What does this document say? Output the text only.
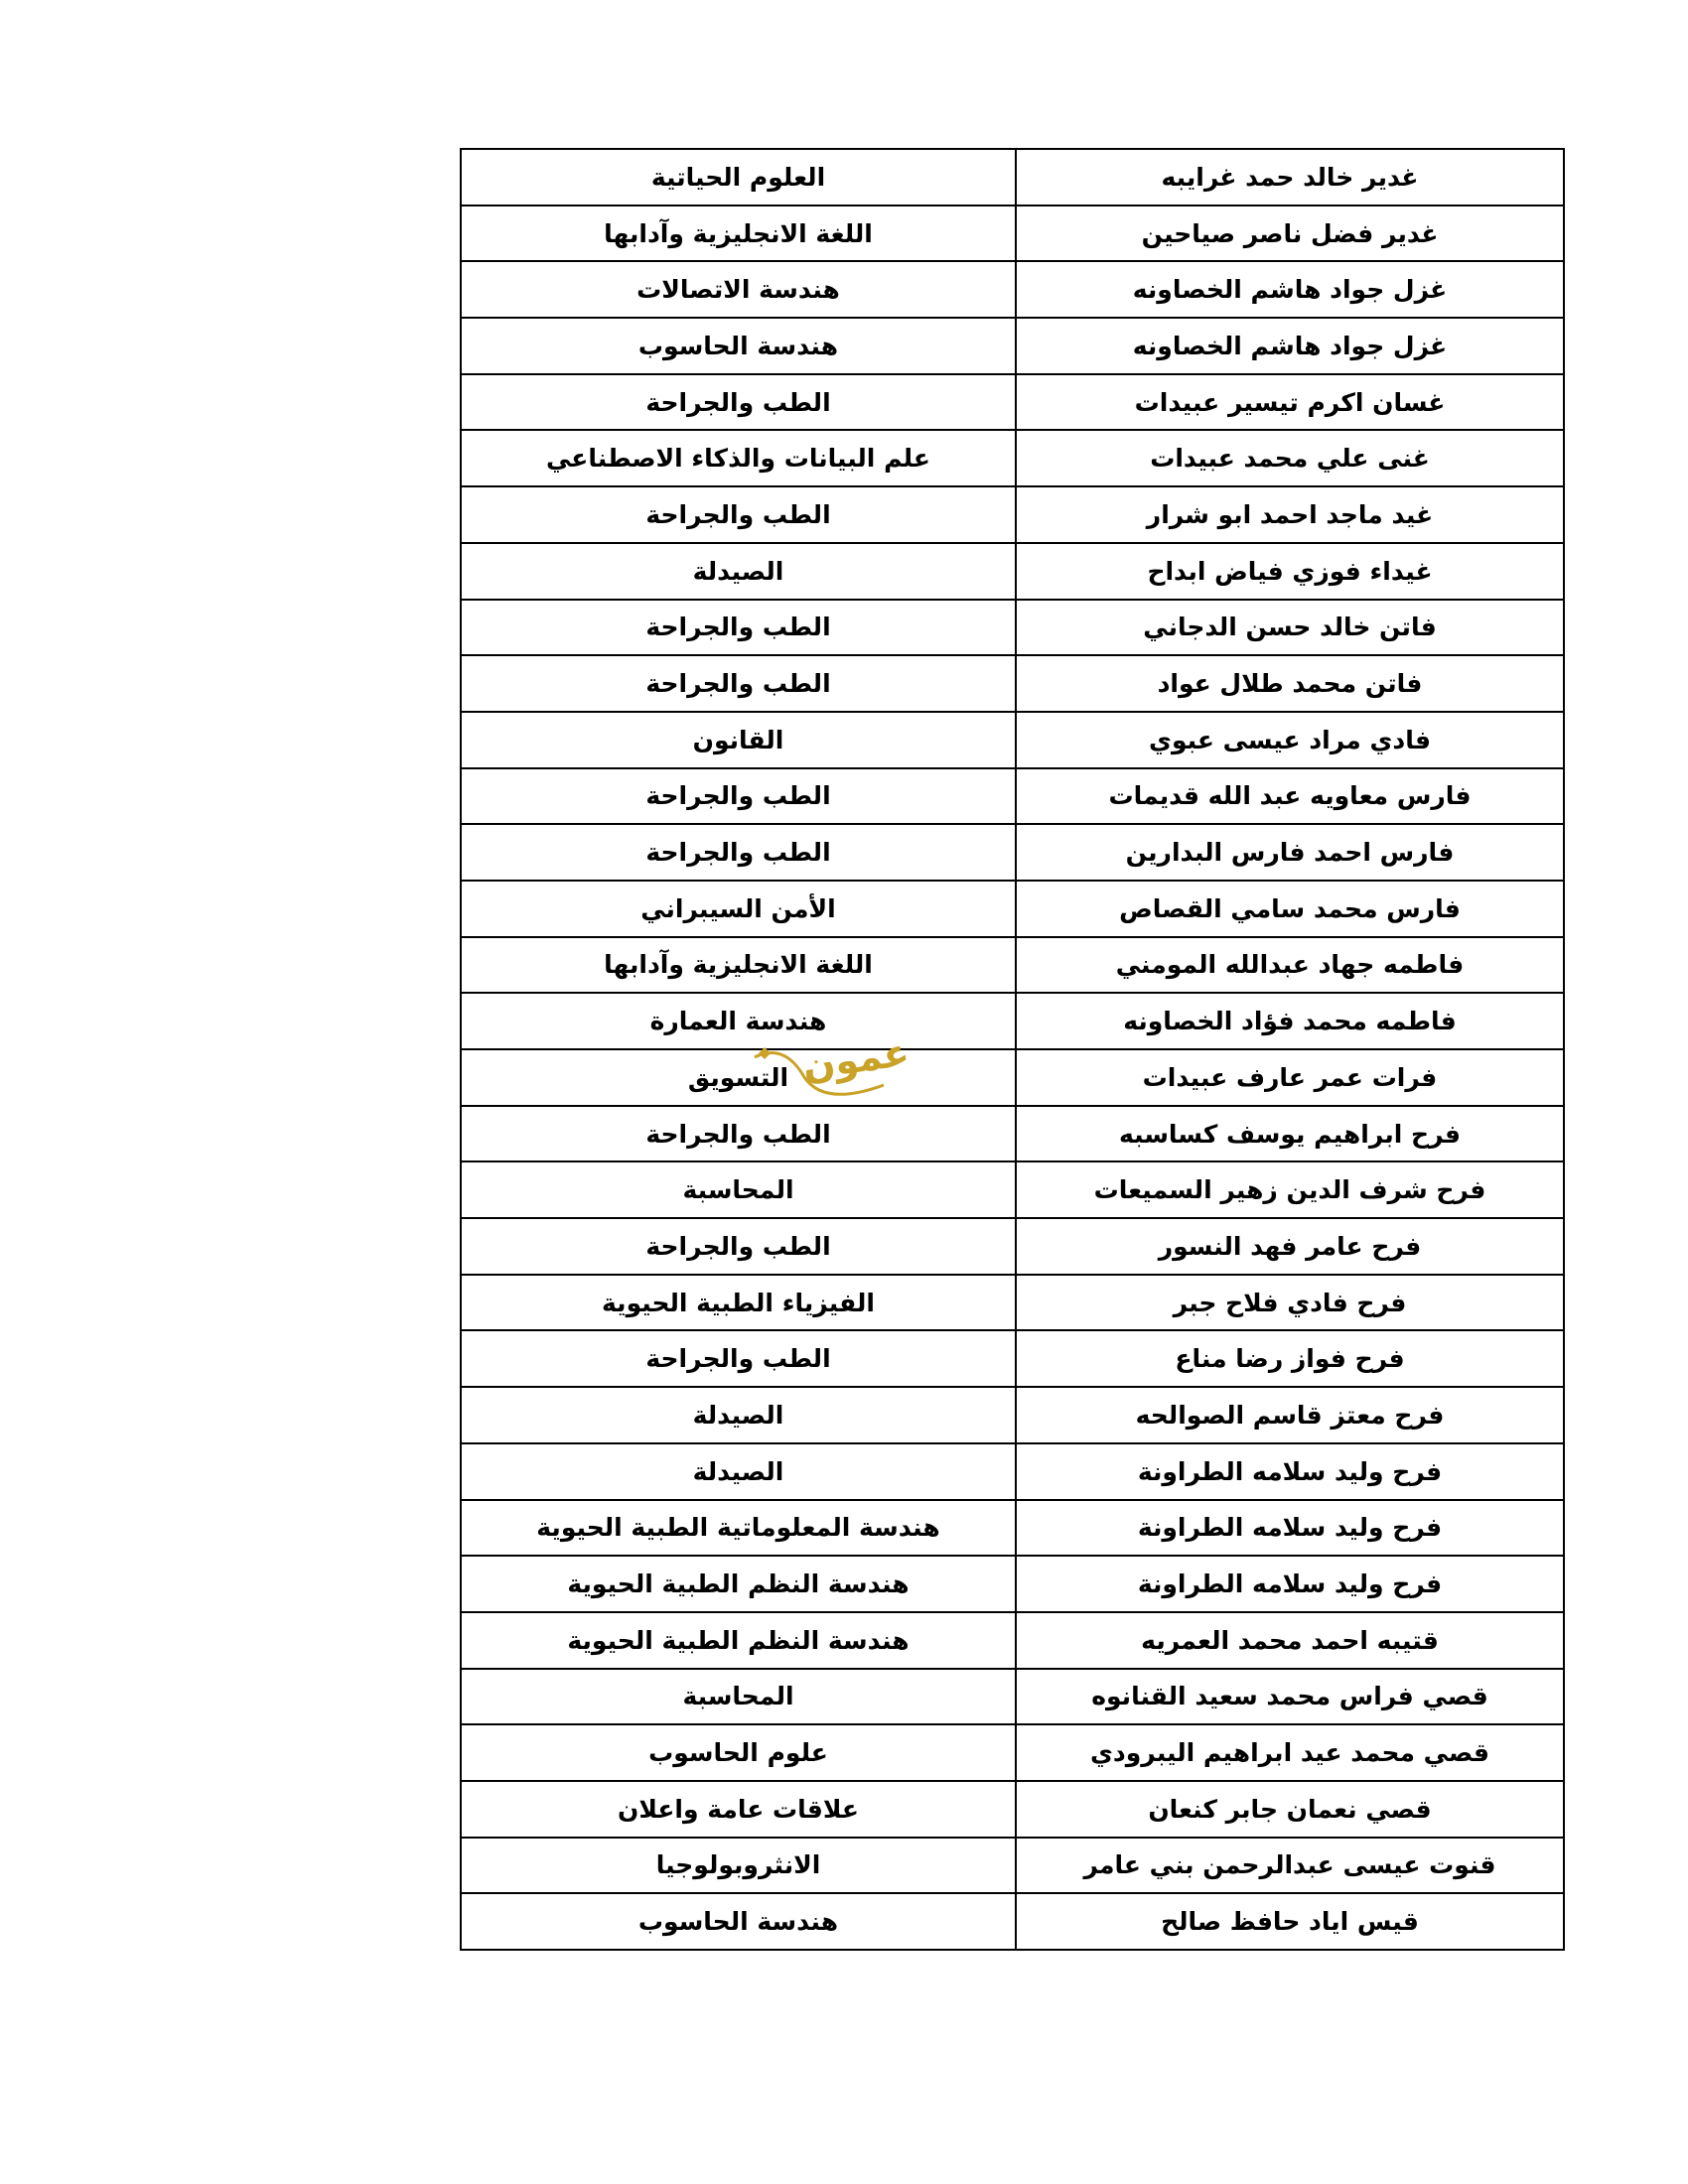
غدير خالد حمد غرايبه	العلوم الحياتية
غدير فضل ناصر صياحين	اللغة الانجليزية وآدابها
غزل جواد هاشم الخصاونه	هندسة الاتصالات
غزل جواد هاشم الخصاونه	هندسة الحاسوب
غسان اكرم تيسير عبيدات	الطب والجراحة
غنى علي محمد عبيدات	علم البيانات والذكاء الاصطناعي
غيد ماجد احمد ابو شرار	الطب والجراحة
غيداء فوزي فياض ابداح	الصيدلة
فاتن خالد حسن الدجاني	الطب والجراحة
فاتن محمد طلال عواد	الطب والجراحة
فادي مراد عيسى عبوي	القانون
فارس معاويه عبد الله قديمات	الطب والجراحة
فارس احمد فارس البدارين	الطب والجراحة
فارس محمد سامي القصاص	الأمن السيبراني
فاطمه جهاد عبدالله المومني	اللغة الانجليزية وآدابها
فاطمه محمد فؤاد الخصاونه	هندسة العمارة
فرات عمر عارف عبيدات	التسويق
فرح ابراهيم يوسف كساسبه	الطب والجراحة
فرح شرف الدين زهير السميعات	المحاسبة
فرح عامر فهد النسور	الطب والجراحة
فرح فادي فلاح جبر	الفيزياء الطبية الحيوية
فرح فواز رضا مناع	الطب والجراحة
فرح معتز قاسم الصوالحه	الصيدلة
فرح وليد سلامه الطراونة	الصيدلة
فرح وليد سلامه الطراونة	هندسة المعلوماتية الطبية الحيوية
فرح وليد سلامه الطراونة	هندسة النظم الطبية الحيوية
قتيبه احمد محمد العمريه	هندسة النظم الطبية الحيوية
قصي فراس محمد سعيد القنانوه	المحاسبة
قصي محمد عيد ابراهيم اليبرودي	علوم الحاسوب
قصي نعمان جابر كنعان	علاقات عامة واعلان
قنوت عيسى عبدالرحمن بني عامر	الانثروبولوجيا
قيس اياد حافظ صالح	هندسة الحاسوب
عمون
